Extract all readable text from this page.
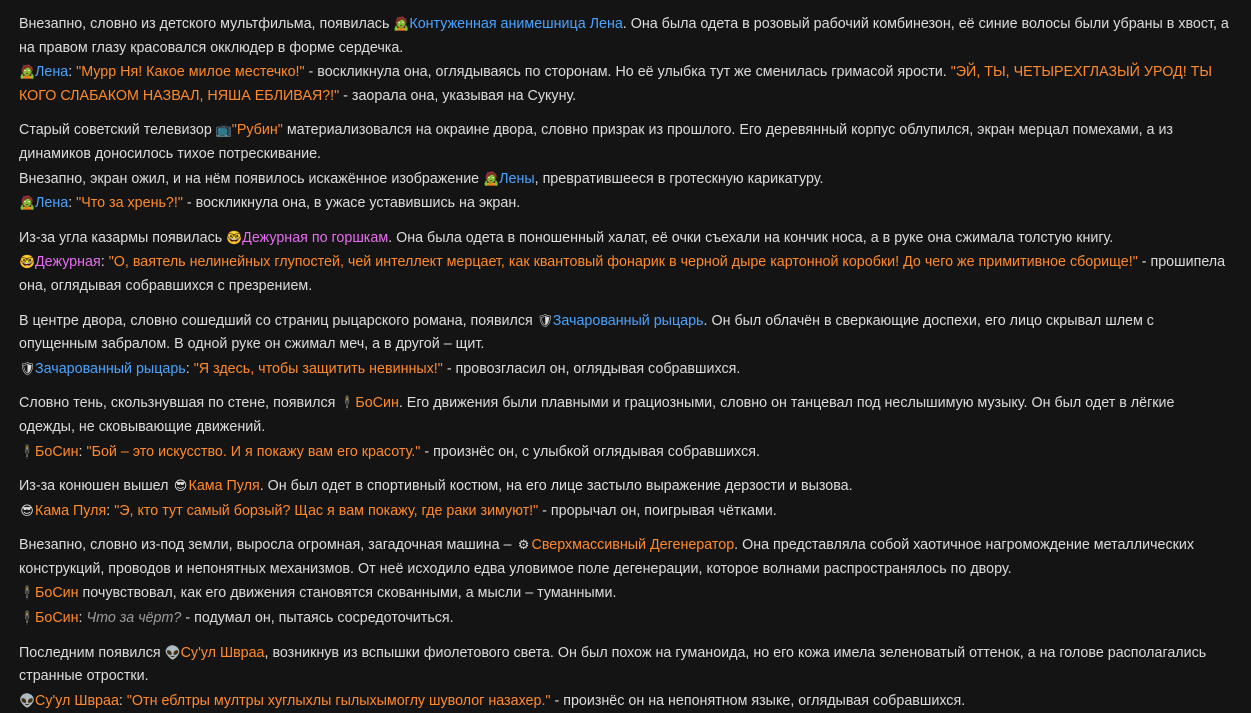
Внезапно, словно из детского мультфильма, появилась 🧟Контуженная анимешница Лена. Она была одета в розовый рабочий комбинезон, её синие волосы были убраны в хвост, а на правом глазу красовался окклюдер в форме сердечка.
🧟Лена: "Мурр Ня! Какое милое местечко!" - воскликнула она, оглядываясь по сторонам. Но её улыбка тут же сменилась гримасой ярости. "ЭЙ, ТЫ, ЧЕТЫРЕХГЛАЗЫЙ УРОД! ТЫ КОГО СЛАБАКОМ НАЗВАЛ, НЯША ЕБЛИВАЯ?!" - заорала она, указывая на Сукуну.
Старый советский телевизор 📺"Рубин" материализовался на окраине двора, словно призрак из прошлого. Его деревянный корпус облупился, экран мерцал помехами, а из динамиков доносилось тихое потрескивание.
Внезапно, экран ожил, и на нём появилось искажённое изображение 🧟Лены, превратившееся в гротескную карикатуру.
🧟Лена: "Что за хрень?!" - воскликнула она, в ужасе уставившись на экран.
Из-за угла казармы появилась 🤓Дежурная по горшкам. Она была одета в поношенный халат, её очки съехали на кончик носа, а в руке она сжимала толстую книгу.
🤓Дежурная: "О, ваятель нелинейных глупостей, чей интеллект мерцает, как квантовый фонарик в черной дыре картонной коробки! До чего же примитивное сборище!" - прошипела она, оглядывая собравшихся с презрением.
В центре двора, словно сошедший со страниц рыцарского романа, появился 🛡Зачарованный рыцарь. Он был облачён в сверкающие доспехи, его лицо скрывал шлем с опущенным забралом. В одной руке он сжимал меч, а в другой – щит.
🛡Зачарованный рыцарь: "Я здесь, чтобы защитить невинных!" - провозгласил он, оглядывая собравшихся.
Словно тень, скользнувшая по стене, появился 🕴БоСин. Его движения были плавными и грациозными, словно он танцевал под неслышимую музыку. Он был одет в лёгкие одежды, не сковывающие движений.
🕴БоСин: "Бой – это искусство. И я покажу вам его красоту." - произнёс он, с улыбкой оглядывая собравшихся.
Из-за конюшен вышел 😎Кама Пуля. Он был одет в спортивный костюм, на его лице застыло выражение дерзости и вызова.
😎Кама Пуля: "Э, кто тут самый борзый? Щас я вам покажу, где раки зимуют!" - прорычал он, поигрывая чётками.
Внезапно, словно из-под земли, выросла огромная, загадочная машина – ⚙ Сверхмассивный Дегенератор. Она представляла собой хаотичное нагромождение металлических конструкций, проводов и непонятных механизмов. От неё исходило едва уловимое поле дегенерации, которое волнами распространялось по двору.
🕴БоСин почувствовал, как его движения становятся скованными, а мысли – туманными.
🕴БоСин: Что за чёрт? - подумал он, пытаясь сосредоточиться.
Последним появился 👽Су'ул Шврaa, возникнув из вспышки фиолетового света. Он был похож на гуманоида, но его кожа имела зеленоватый оттенок, а на голове располагались странные отростки.
👽Су'ул Шврaa: "Отн еблтры мултры хуглыхлы гылыхымоглу шуволог назахер." - произнёс он на непонятном языке, оглядывая собравшихся.
